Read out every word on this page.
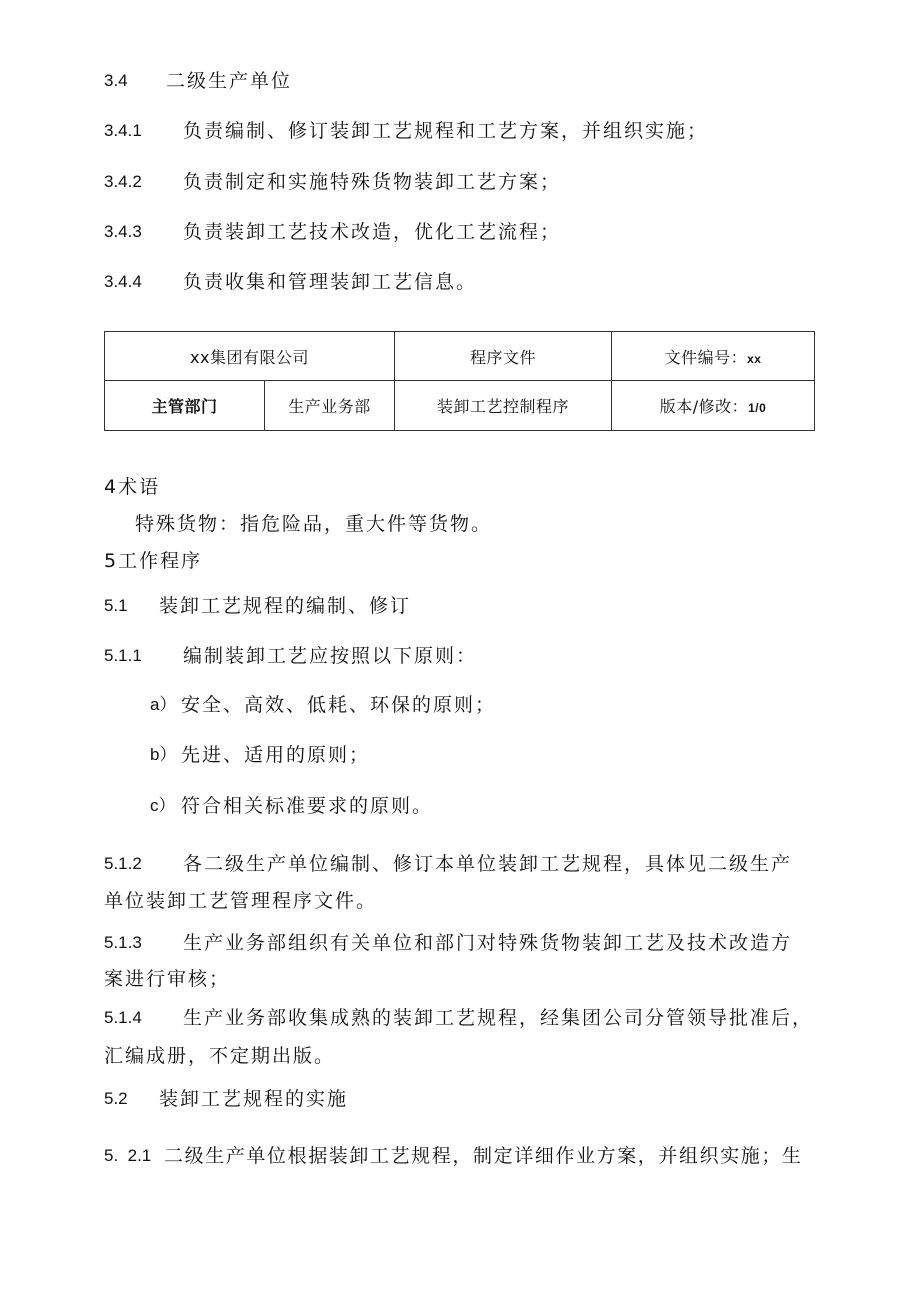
3.4 二级生产单位
3.4.1 负责编制、修订装卸工艺规程和工艺方案，并组织实施；
3.4.2 负责制定和实施特殊货物装卸工艺方案；
3.4.3 负责装卸工艺技术改造，优化工艺流程；
3.4.4 负责收集和管理装卸工艺信息。
xx集团有限公司		程序文件	文件编号：xx
主管部门	生产业务部	装卸工艺控制程序	版本/修改：1/0
4术语
特殊货物：指危险品，重大件等货物。
5工作程序
5.1 装卸工艺规程的编制、修订
5.1.1 编制装卸工艺应按照以下原则：
a） 安全、高效、低耗、环保的原则；
b） 先进、适用的原则；
c） 符合相关标准要求的原则。
5.1.2 各二级生产单位编制、修订本单位装卸工艺规程，具体见二级生产
单位装卸工艺管理程序文件。
5.1.3 生产业务部组织有关单位和部门对特殊货物装卸工艺及技术改造方
案进行审核；
5.1.4 生产业务部收集成熟的装卸工艺规程，经集团公司分管领导批准后，
汇编成册，不定期出版。
5.2 装卸工艺规程的实施
5.  2.1 二级生产单位根据装卸工艺规程，制定详细作业方案，并组织实施；生
